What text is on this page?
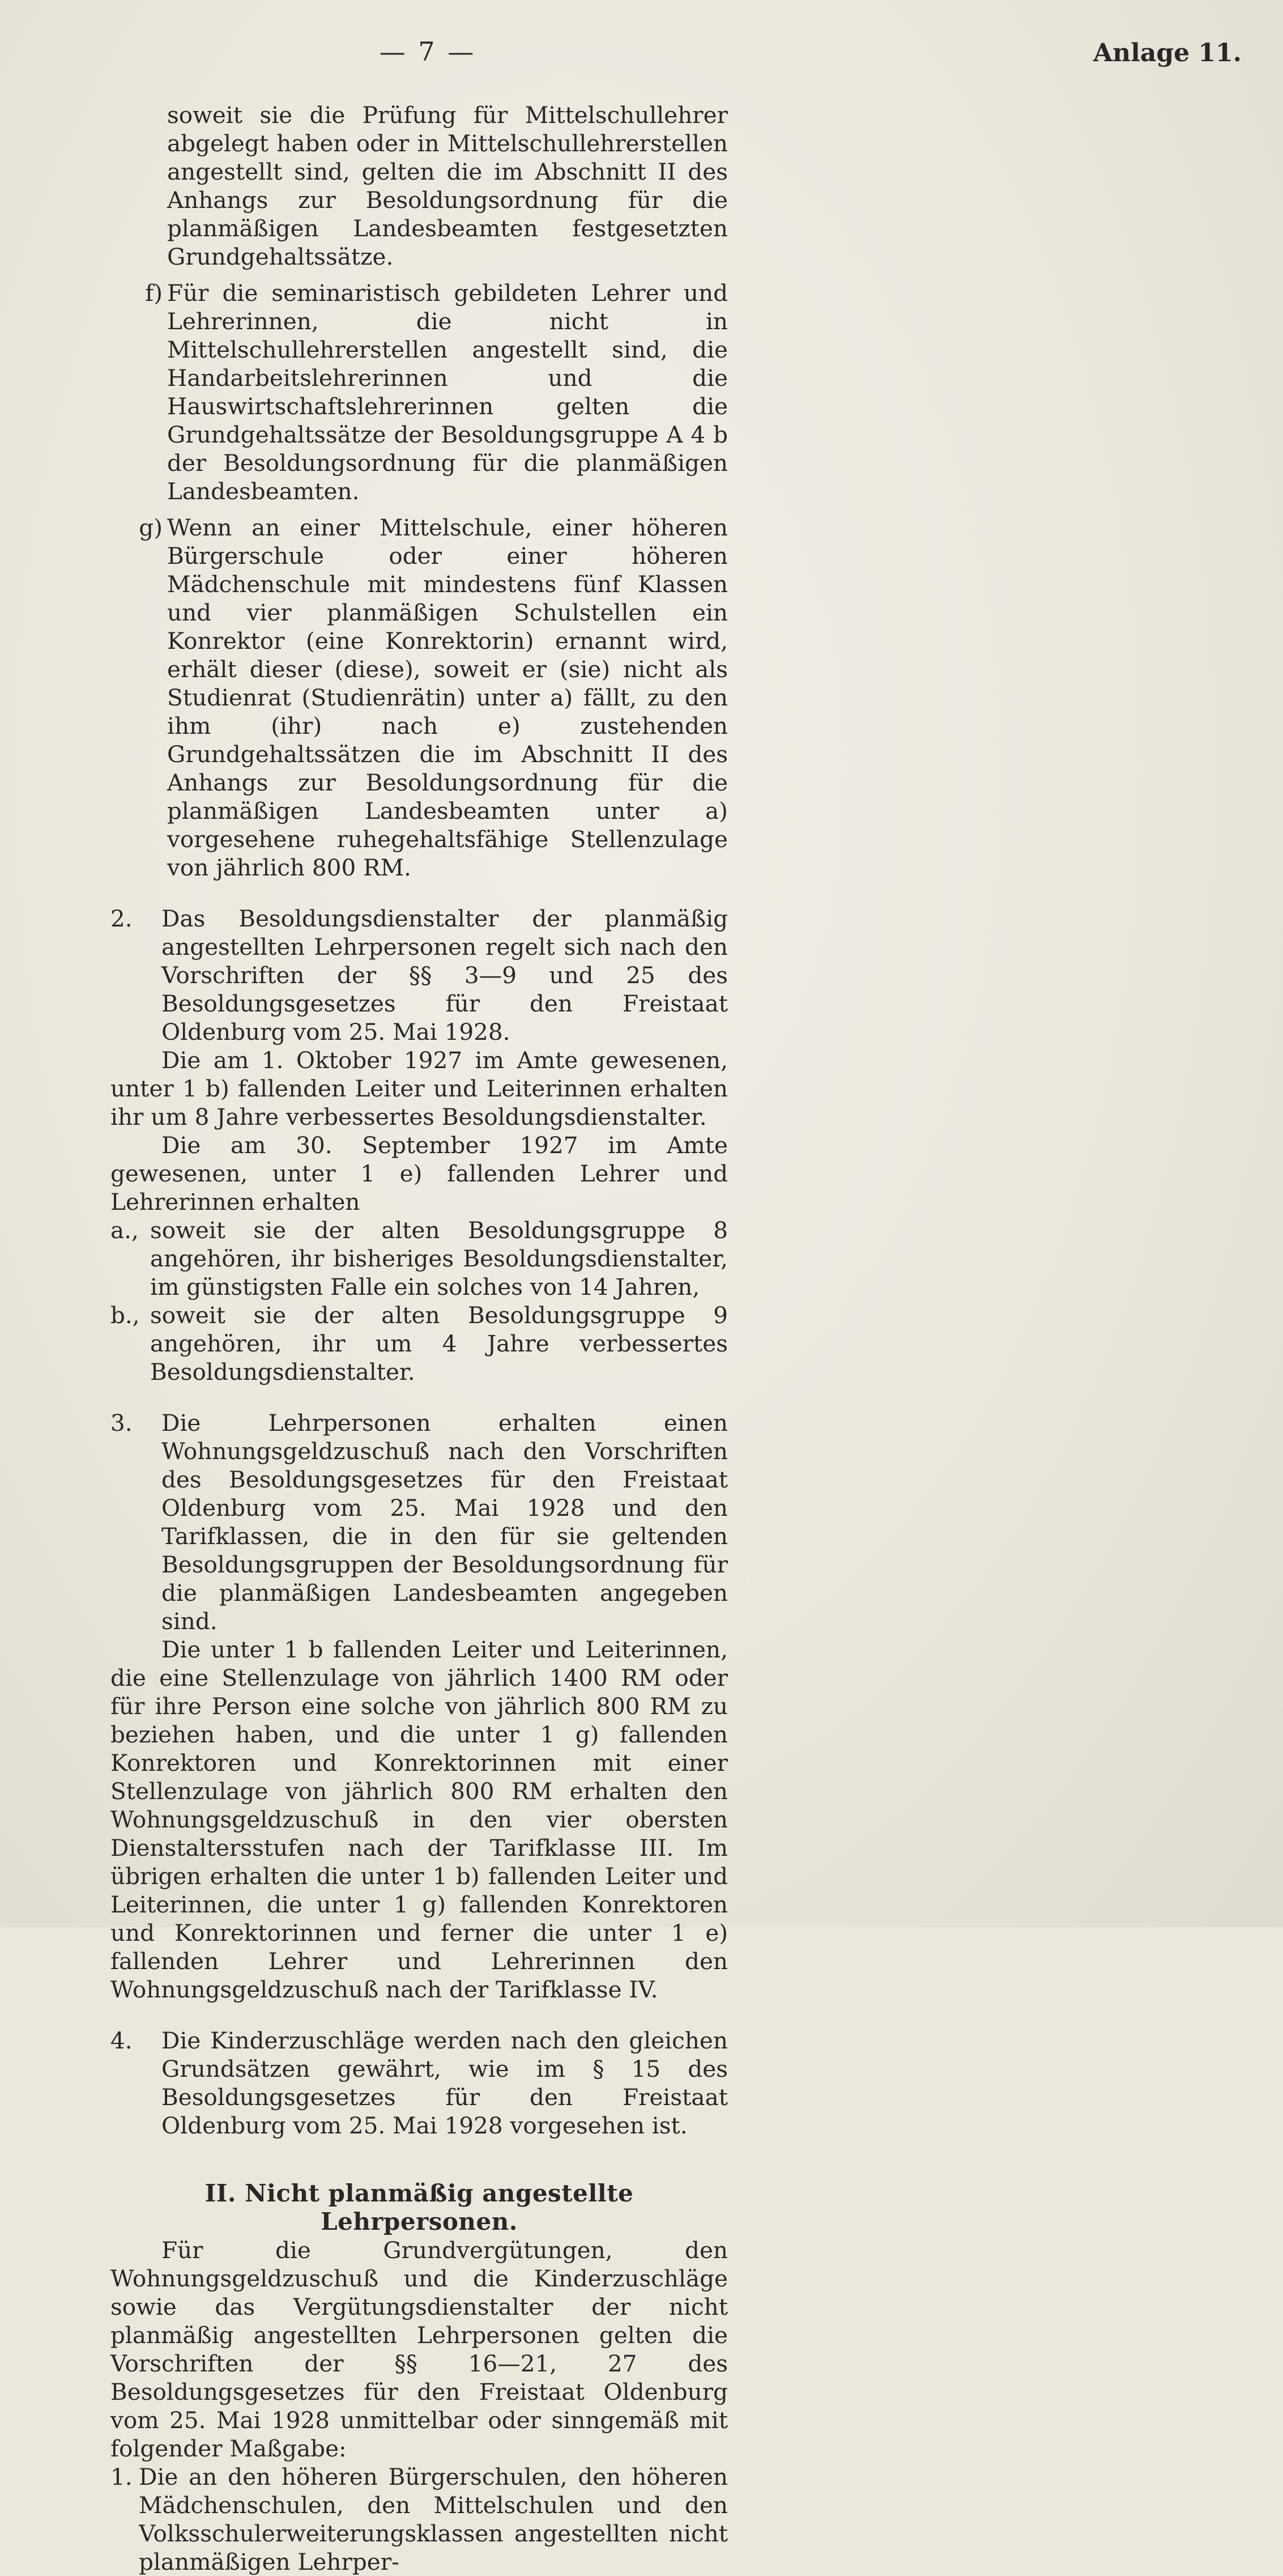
— 7 —	Anlage 11.

soweit sie die Prüfung für Mittelschullehrer abgelegt haben oder in Mittelschullehrerstellen angestellt sind, gelten die im Abschnitt II des Anhangs zur Besoldungsordnung für die planmäßigen Landesbeamten festgesetzten Grundgehaltssätze.

f) Für die seminaristisch gebildeten Lehrer und Lehrerinnen, die nicht in Mittelschullehrerstellen angestellt sind, die Handarbeitslehrerinnen und die Hauswirtschaftslehrerinnen gelten die Grundgehaltssätze der Besoldungsgruppe A 4 b der Besoldungsordnung für die planmäßigen Landesbeamten.
g) Wenn an einer Mittelschule, einer höheren Bürgerschule oder einer höheren Mädchenschule mit mindestens fünf Klassen und vier planmäßigen Schulstellen ein Konrektor (eine Konrektorin) ernannt wird, erhält dieser (diese), soweit er (sie) nicht als Studienrat (Studienrätin) unter a) fällt, zu den ihm (ihr) nach e) zustehenden Grundgehaltssätzen die im Abschnitt II des Anhangs zur Besoldungsordnung für die planmäßigen Landesbeamten unter a) vorgesehene ruhegehaltsfähige Stellenzulage von jährlich 800 RM.
2.	Das Besoldungsdienstalter der planmäßig angestellten Lehrpersonen regelt sich nach den Vorschriften der §§ 3—9 und 25 des Besoldungsgesetzes für den Freistaat Oldenburg vom 25. Mai 1928.

Die am 1. Oktober 1927 im Amte gewesenen, unter 1 b) fallenden Leiter und Leiterinnen erhalten ihr um 8 Jahre verbessertes Besoldungsdienstalter.

Die am 30. September 1927 im Amte gewesenen, unter 1 e) fallenden Lehrer und Lehrerinnen erhalten

a., soweit sie der alten Besoldungsgruppe 8 angehören, ihr bisheriges Besoldungsdienstalter, im günstigsten Falle ein solches von 14 Jahren,
b., soweit sie der alten Besoldungsgruppe 9 angehören, ihr um 4 Jahre verbessertes Besoldungsdienstalter.
3.	Die Lehrpersonen erhalten einen Wohnungsgeldzuschuß nach den Vorschriften des Besoldungsgesetzes für den Freistaat Oldenburg vom 25. Mai 1928 und den Tarifklassen, die in den für sie geltenden Besoldungsgruppen der Besoldungsordnung für die planmäßigen Landesbeamten angegeben sind.

Die unter 1 b fallenden Leiter und Leiterinnen, die eine Stellenzulage von jährlich 1400 RM oder für ihre Person eine solche von jährlich 800 RM zu beziehen haben, und die unter 1 g) fallenden Konrektoren und Konrektorinnen mit einer Stellenzulage von jährlich 800 RM erhalten den Wohnungsgeldzuschuß in den vier obersten Dienstaltersstufen nach der Tarifklasse III. Im übrigen erhalten die unter 1 b) fallenden Leiter und Leiterinnen, die unter 1 g) fallenden Konrektoren und Konrektorinnen und ferner die unter 1 e) fallenden Lehrer und Lehrerinnen den Wohnungsgeldzuschuß nach der Tarifklasse IV.

4.	Die Kinderzuschläge werden nach den gleichen Grundsätzen gewährt, wie im § 15 des Besoldungsgesetzes für den Freistaat Oldenburg vom 25. Mai 1928 vorgesehen ist.
II. Nicht planmäßig angestellte Lehrpersonen.

Für die Grundvergütungen, den Wohnungsgeldzuschuß und die Kinderzuschläge sowie das Vergütungsdienstalter der nicht planmäßig angestellten Lehrpersonen gelten die Vorschriften der §§ 16—21, 27 des Besoldungsgesetzes für den Freistaat Oldenburg vom 25. Mai 1928 unmittelbar oder sinngemäß mit folgender Maßgabe:

1. Die an den höheren Bürgerschulen, den höheren Mädchenschulen, den Mittelschulen und den Volksschulerweiterungsklassen angestellten nicht planmäßigen Lehrper-
